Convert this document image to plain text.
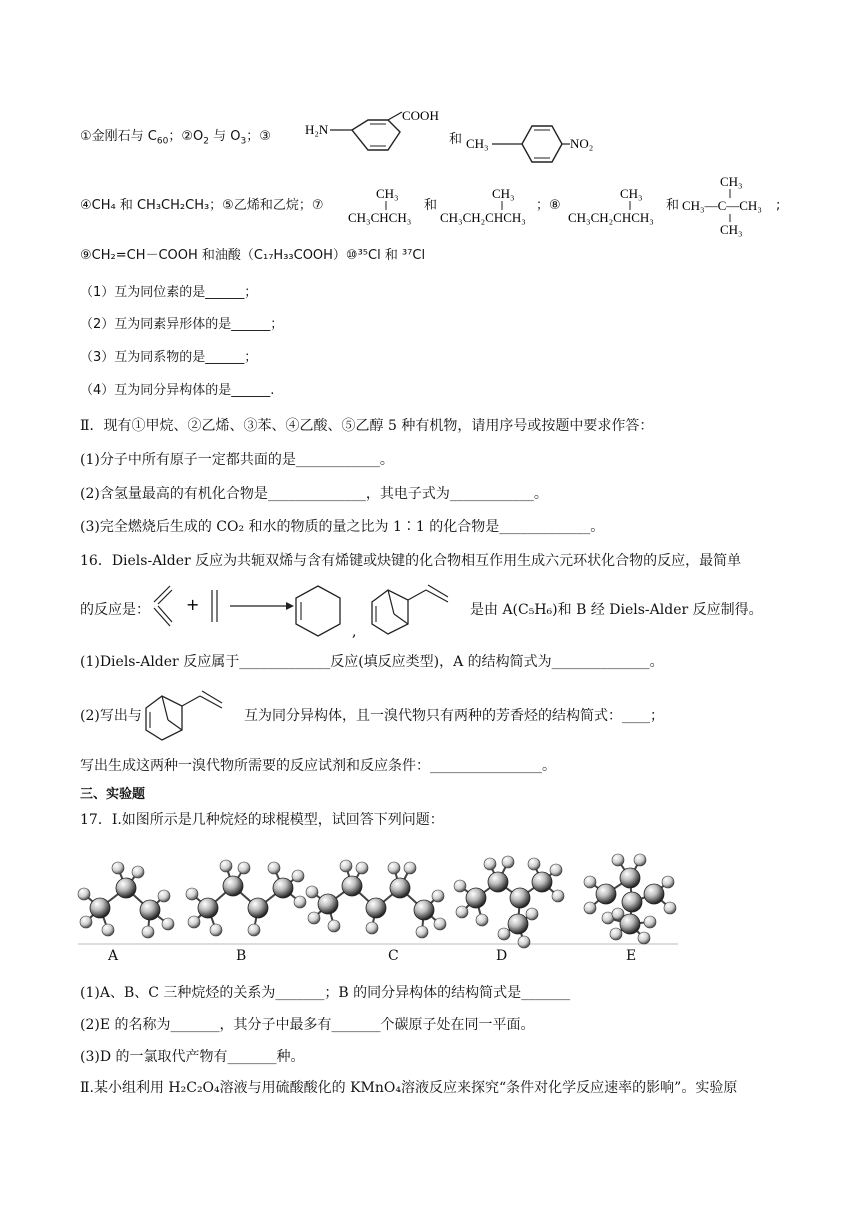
①金刚石与 $C_{60}$；$②O_2$ 与 $O_3$；③	H₂N
COOH
和 CH₃	NO₂
④CH₄ 和 CH₃CH₂CH₃；⑤乙烯和乙烷；⑦
CH₃
CH₃CHCH₃
和
CH₃
CH₃CH₂CHCH₃
；⑧
CH₃
CH₃CH₂CHCH₃
和
CH₃
CH₃—C—CH₃
CH₃
;
⑨CH₂=CH－COOH 和油酸（C₁₇H₃₃COOH）⑩³⁵Cl 和 ³⁷Cl
（1）互为同位素的是______；
（2）互为同素异形体的是______；
（3）互为同系物的是______；
（4）互为同分异构体的是______.
Ⅱ．现有①甲烷、②乙烯、③苯、④乙酸、⑤乙醇 5 种有机物，请用序号或按题中要求作答：
(1)分子中所有原子一定都共面的是____________。
(2)含氢量最高的有机化合物是______________，其电子式为____________。
(3)完全燃烧后生成的 CO₂ 和水的物质的量之比为 1∶1 的化合物是_____________。
16．Diels-Alder 反应为共轭双烯与含有烯键或炔键的化合物相互作用生成六元环状化合物的反应，最简单
的反应是： +
,
是由 A(C₅H₆)和 B 经 Diels-Alder 反应制得。
(1)Diels-Alder 反应属于_____________反应(填反应类型)，A 的结构简式为______________。
(2)写出与	互为同分异构体，且一溴代物只有两种的芳香烃的结构简式：____；
写出生成这两种一溴代物所需要的反应试剂和反应条件：________________。
三、实验题
17．Ⅰ.如图所示是几种烷烃的球棍模型，试回答下列问题：
A	B	C	D	E
(1)A、B、C 三种烷烃的关系为_______；B 的同分异构体的结构简式是_______
(2)E 的名称为_______，其分子中最多有_______个碳原子处在同一平面。
(3)D 的一氯取代产物有_______种。
Ⅱ.某小组利用 H₂C₂O₄溶液与用硫酸酸化的 KMnO₄溶液反应来探究“条件对化学反应速率的影响”。实验原
